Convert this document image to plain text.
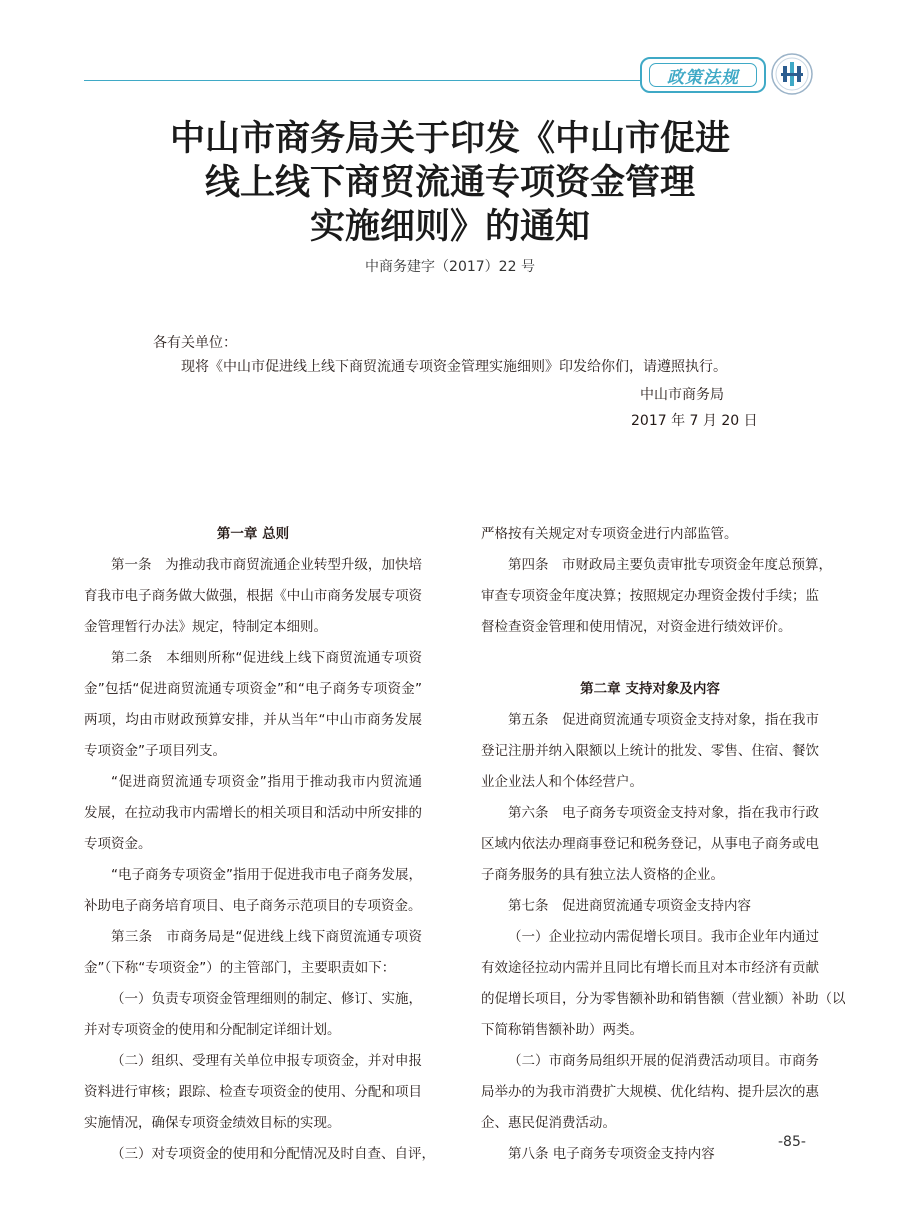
政策法规
中山市商务局关于印发《中山市促进
线上线下商贸流通专项资金管理
实施细则》的通知
中商务建字（2017）22 号
各有关单位：
现将《中山市促进线上线下商贸流通专项资金管理实施细则》印发给你们，请遵照执行。
中山市商务局
2017 年 7 月 20 日
第一章 总则
第一条　为推动我市商贸流通企业转型升级，加快培
育我市电子商务做大做强，根据《中山市商务发展专项资
金管理暂行办法》规定，特制定本细则。
第二条　本细则所称“促进线上线下商贸流通专项资
金”包括“促进商贸流通专项资金”和“电子商务专项资金”
两项，均由市财政预算安排，并从当年“中山市商务发展
专项资金”子项目列支。
“促进商贸流通专项资金”指用于推动我市内贸流通
发展，在拉动我市内需增长的相关项目和活动中所安排的
专项资金。
“电子商务专项资金”指用于促进我市电子商务发展，
补助电子商务培育项目、电子商务示范项目的专项资金。
第三条　市商务局是“促进线上线下商贸流通专项资
金”（下称“专项资金”）的主管部门，主要职责如下：
（一）负责专项资金管理细则的制定、修订、实施，
并对专项资金的使用和分配制定详细计划。
（二）组织、受理有关单位申报专项资金，并对申报
资料进行审核；跟踪、检查专项资金的使用、分配和项目
实施情况，确保专项资金绩效目标的实现。
（三）对专项资金的使用和分配情况及时自查、自评，
严格按有关规定对专项资金进行内部监管。
第四条　市财政局主要负责审批专项资金年度总预算，
审查专项资金年度决算；按照规定办理资金拨付手续；监
督检查资金管理和使用情况，对资金进行绩效评价。
第二章 支持对象及内容
第五条　促进商贸流通专项资金支持对象，指在我市
登记注册并纳入限额以上统计的批发、零售、住宿、餐饮
业企业法人和个体经营户。
第六条　电子商务专项资金支持对象，指在我市行政
区域内依法办理商事登记和税务登记，从事电子商务或电
子商务服务的具有独立法人资格的企业。
第七条　促进商贸流通专项资金支持内容
（一）企业拉动内需促增长项目。我市企业年内通过
有效途径拉动内需并且同比有增长而且对本市经济有贡献
的促增长项目，分为零售额补助和销售额（营业额）补助（以
下简称销售额补助）两类。
（二）市商务局组织开展的促消费活动项目。市商务
局举办的为我市消费扩大规模、优化结构、提升层次的惠
企、惠民促消费活动。
第八条 电子商务专项资金支持内容
-85-
